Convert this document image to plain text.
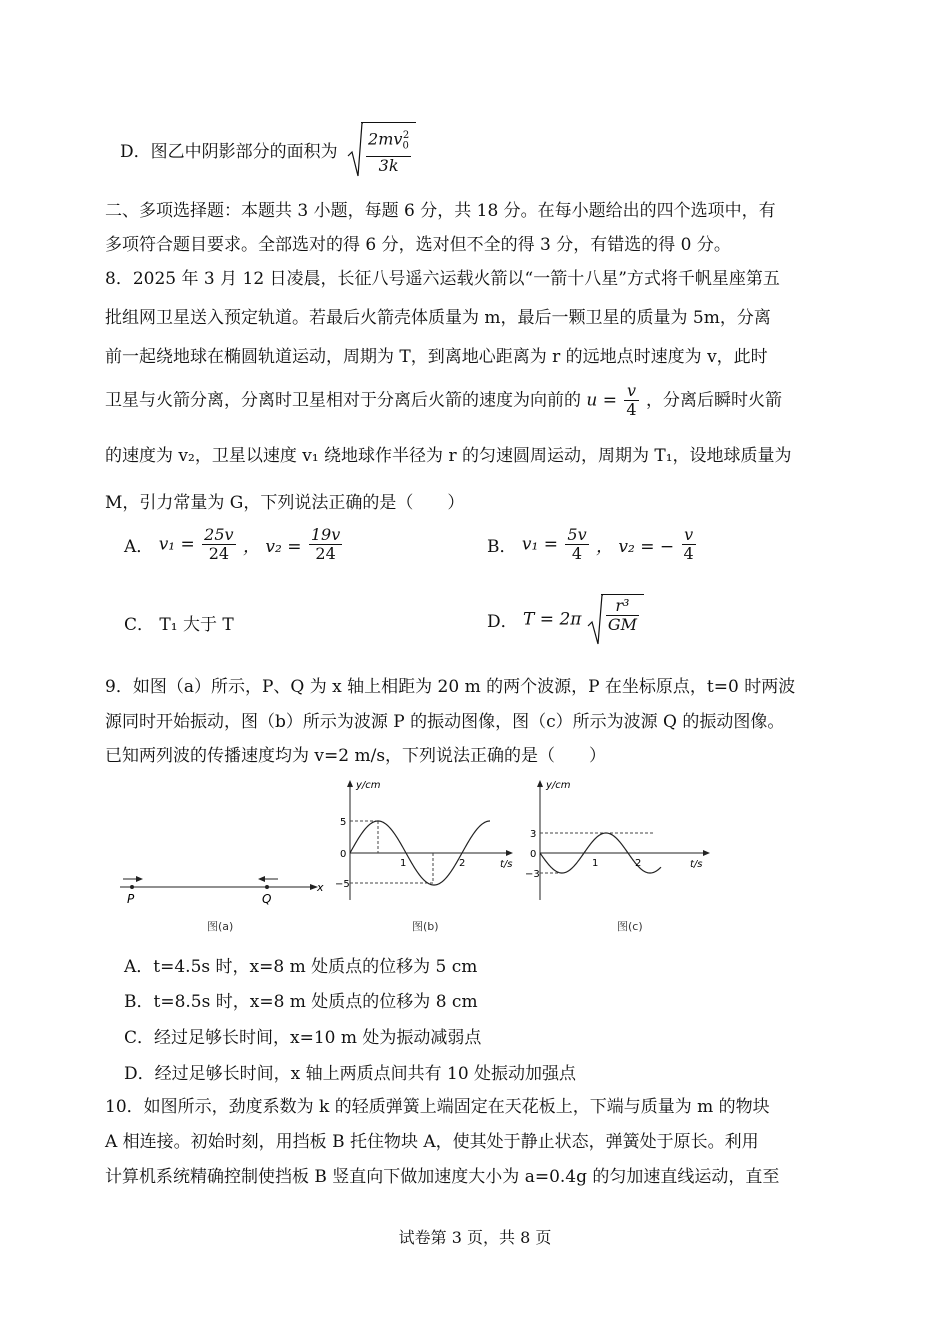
D．图乙中阴影部分的面积为 $\frac{2mv_0^2}{3k}$
二、多项选择题：本题共 3 小题，每题 6 分，共 18 分。在每小题给出的四个选项中，有
多项符合题目要求。全部选对的得 6 分，选对但不全的得 3 分，有错选的得 0 分。
8．2025 年 3 月 12 日凌晨，长征八号遥六运载火箭以“一箭十八星”方式将千帆星座第五
批组网卫星送入预定轨道。若最后火箭壳体质量为 m，最后一颗卫星的质量为 5m，分离
前一起绕地球在椭圆轨道运动，周期为 T，到离地心距离为 r 的远地点时速度为 v，此时
卫星与火箭分离，分离时卫星相对于分离后火箭的速度为向前的 $u = \frac{v}{4}$ ，分离后瞬时火箭
的速度为 v₂，卫星以速度 v₁ 绕地球作半径为 r 的匀速圆周运动，周期为 T₁，设地球质量为
M，引力常量为 G，下列说法正确的是（　　）
A． $v_1 = \frac{25v}{24}$ ， $v_2 = \frac{19v}{24}$	B． $v_1 = \frac{5v}{4}$ ， v₂ = − $\frac{v}{4}$
C． T₁ 大于 T	D． $T = 2\pi \frac{\text{r³}}{GM}$
9．如图（a）所示，P、Q 为 x 轴上相距为 20 m 的两个波源，P 在坐标原点，t=0 时两波
源同时开始振动，图（b）所示为波源 P 的振动图像，图（c）所示为波源 Q 的振动图像。
已知两列波的传播速度均为 v=2 m/s，下列说法正确的是（　　）
P	Q
x
图(a)
y/cm
t/s
5
−5
0
1	2
图(b)
y/cm
t/s
3
−3
0
1	2
图(c)
A．t=4.5s 时，x=8 m 处质点的位移为 5 cm
B．t=8.5s 时，x=8 m 处质点的位移为 8 cm
C．经过足够长时间，x=10 m 处为振动减弱点
D．经过足够长时间，x 轴上两质点间共有 10 处振动加强点
10．如图所示，劲度系数为 k 的轻质弹簧上端固定在天花板上，下端与质量为 m 的物块
A 相连接。初始时刻，用挡板 B 托住物块 A，使其处于静止状态，弹簧处于原长。利用
计算机系统精确控制使挡板 B 竖直向下做加速度大小为 a=0.4g 的匀加速直线运动，直至
试卷第 3 页，共 8 页
